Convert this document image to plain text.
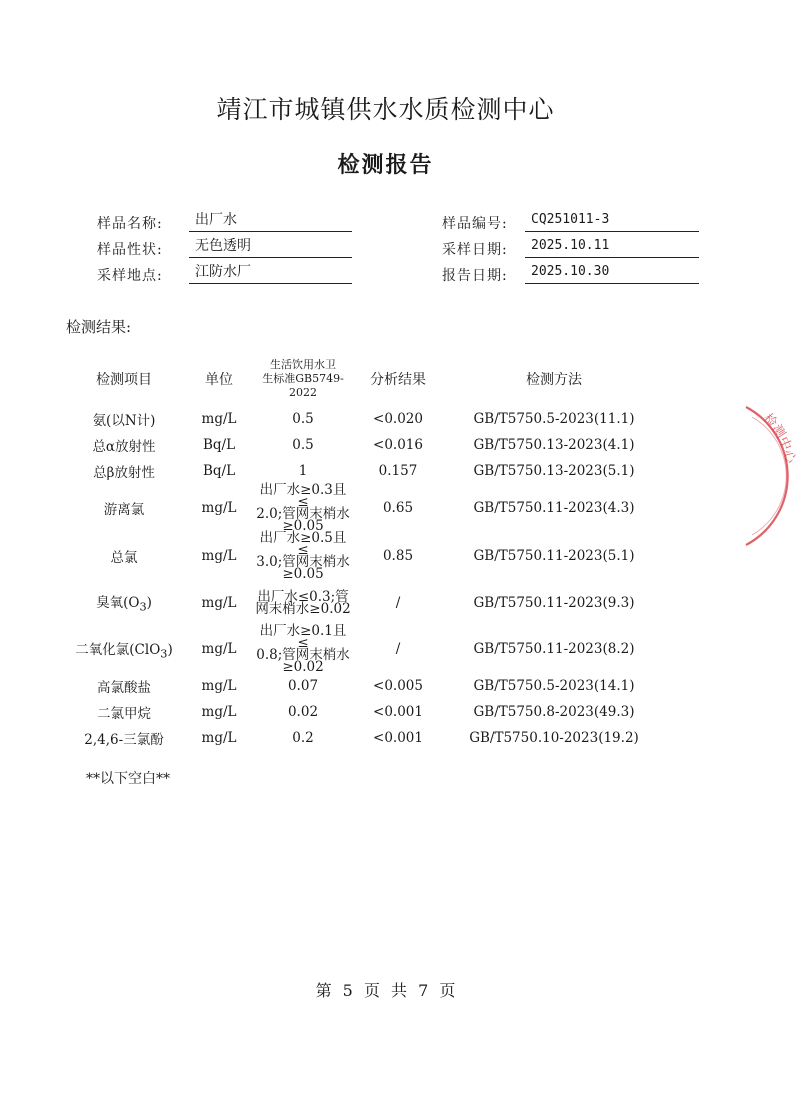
靖江市城镇供水水质检测中心
检测报告
样品名称:	出厂水
样品性状:	无色透明
采样地点:	江防水厂
样品编号:	CQ251011-3
采样日期:	2025.10.11
报告日期:	2025.10.30
检测结果:
检测项目	单位	生活饮用水卫
生标准GB5749-
2022	分析结果	检测方法
氨(以N计)	mg/L	0.5	<0.020	GB/T5750.5-2023(11.1)
总α放射性	Bq/L	0.5	<0.016	GB/T5750.13-2023(4.1)
总β放射性	Bq/L	1	0.157	GB/T5750.13-2023(5.1)
游离氯	mg/L	出厂水≥0.3且≤
2.0;管网末梢水
≥0.05	0.65	GB/T5750.11-2023(4.3)
总氯	mg/L	出厂水≥0.5且≤
3.0;管网末梢水
≥0.05	0.85	GB/T5750.11-2023(5.1)
臭氧$(O_3)$	mg/L	出厂水≤0.3;管
网末梢水≥0.02	/	GB/T5750.11-2023(9.3)
二氧化氯(ClO$_3$)	mg/L	出厂水≥0.1且≤
0.8;管网末梢水
≥0.02	/	GB/T5750.11-2023(8.2)
高氯酸盐	mg/L	0.07	<0.005	GB/T5750.5-2023(14.1)
二氯甲烷	mg/L	0.02	<0.001	GB/T5750.8-2023(49.3)
2,4,6-三氯酚	mg/L	0.2	<0.001	GB/T5750.10-2023(19.2)
**以下空白**
第 5 页 共 7 页
检测中心
